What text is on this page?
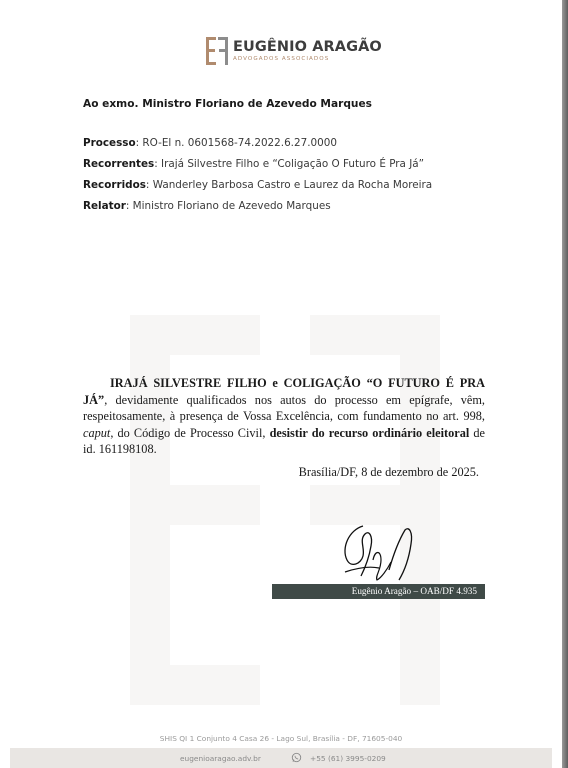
EUGÊNIO ARAGÃO
ADVOGADOS ASSOCIADOS
Ao exmo. Ministro Floriano de Azevedo Marques
Processo: RO-El n. 0601568-74.2022.6.27.0000
Recorrentes: Irajá Silvestre Filho e “Coligação O Futuro É Pra Já”
Recorridos: Wanderley Barbosa Castro e Laurez da Rocha Moreira
Relator: Ministro Floriano de Azevedo Marques
IRAJÁ SILVESTRE FILHO e COLIGAÇÃO “O FUTURO É PRA JÁ”, devidamente qualificados nos autos do processo em epígrafe, vêm, respeitosamente, à presença de Vossa Excelência, com fundamento no art. 998, caput, do Código de Processo Civil, desistir do recurso ordinário eleitoral de id. 161198108.
Brasília/DF, 8 de dezembro de 2025.
Eugênio Aragão – OAB/DF 4.935
SHIS QI 1 Conjunto 4 Casa 26 - Lago Sul, Brasília - DF, 71605-040
eugenioaragao.adv.br	+55 (61) 3995-0209
